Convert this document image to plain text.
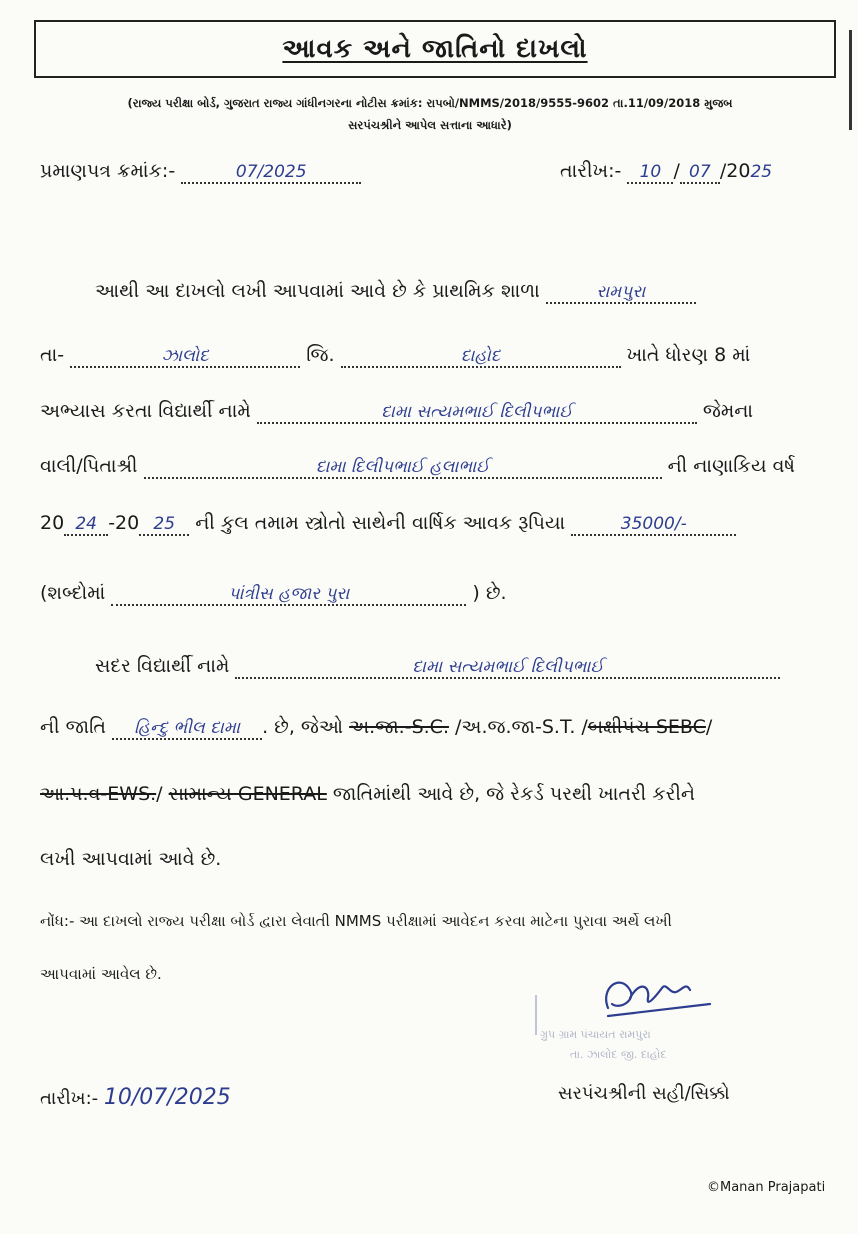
આવક અને જાતિનો દાખલો
(રાજ્ય પરીક્ષા બોર્ડ, ગુજરાત રાજ્ય ગાંધીનગરના નોટીસ ક્રમાંક: રાપબો/NMMS/2018/9555-9602 તા.11/09/2018 મુજબ
સરપંચશ્રીને આપેલ સત્તાના આધારે)
પ્રમાણપત્ર ક્રમાંક:-	07/2025	તારીખ:- 10 / 07 /2025
આથી આ દાખલો લખી આપવામાં આવે છે કે પ્રાથમિક શાળા	રામપુરા
તા-	ઝાલોદ	જિ.	દાહોદ	ખાતે ધોરણ 8 માં
અભ્યાસ કરતા વિદ્યાર્થી નામે	દામા સત્યમભાઈ દિલીપભાઈ	જેમના
વાલી/પિતાશ્રી	દામા દિલીપભાઈ હલાભાઈ	ની નાણાકિય વર્ષ
20 24 -20 25 ની કુલ તમામ સ્ત્રોતો સાથેની વાર્ષિક આવક રૂપિયા	35000/-
(શબ્દોમાં	પાંત્રીસ હજાર પુરા	) છે.
સદર વિદ્યાર્થી નામે	દામા સત્યમભાઈ દિલીપભાઈ
ની જાતિ હિન્દુ ભીલ દામા . છે, જેઓ અ.જા.-S.C. /અ.જ.જા-S.T. /બક્ષીપંચ SEBC/
આ.પ.વ-EWS./ સામાન્ય GENERAL જાતિમાંથી આવે છે, જે રેકર્ડ પરથી ખાતરી કરીને
લખી આપવામાં આવે છે.
નોંધ:- આ દાખલો રાજ્ય પરીક્ષા બોર્ડ દ્વારા લેવાતી NMMS પરીક્ષામાં આવેદન કરવા માટેના પુરાવા અર્થે લખી
આપવામાં આવેલ છે.
ગ્રુપ ગ્રામ પંચાયત રામપુરા
તા. ઝાલોદ જી. દાહોદ
તારીખ:- 10/07/2025	સરપંચશ્રીની સહી/સિક્કો
©Manan Prajapati
